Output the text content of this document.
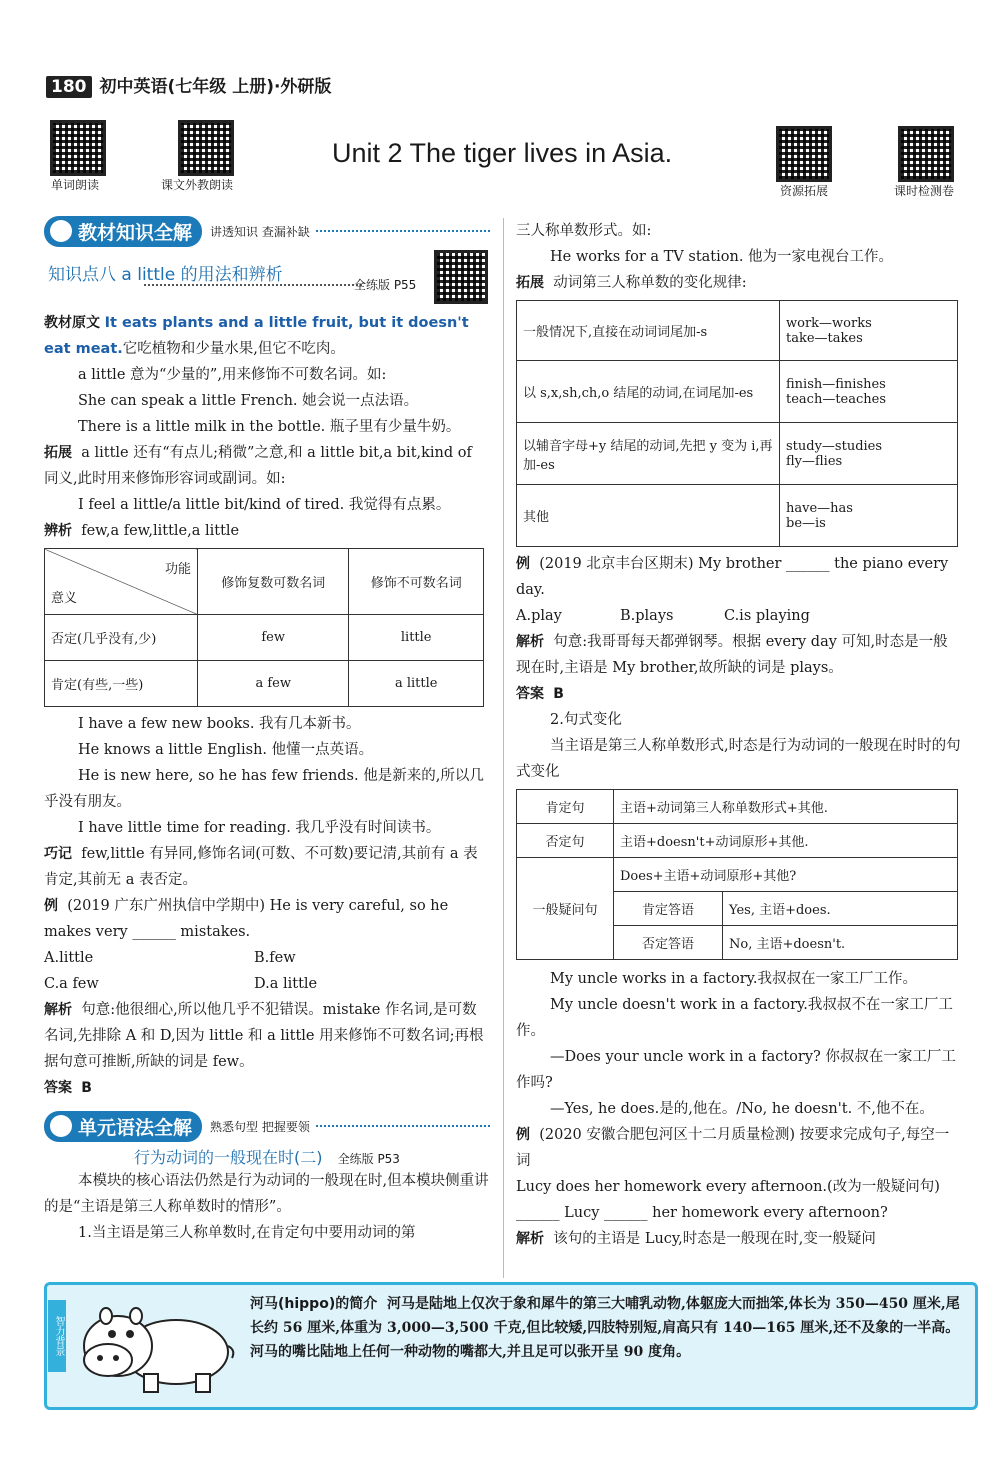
180 初中英语(七年级 上册)·外研版
单词朗读	课文外教朗读	资源拓展	课时检测卷
Unit 2 The tiger lives in Asia.
教材知识全解	讲透知识 查漏补缺
知识点八 a little 的用法和辨析	全练版 P55

教材原文 It eats plants and a little fruit, but it doesn't eat meat.它吃植物和少量水果,但它不吃肉。

a little 意为“少量的”,用来修饰不可数名词。如:

She can speak a little French. 她会说一点法语。

There is a little milk in the bottle. 瓶子里有少量牛奶。

拓展 a little 还有“有点儿;稍微”之意,和 a little bit,a bit,kind of 同义,此时用来修饰形容词或副词。如:

I feel a little/a little bit/kind of tired. 我觉得有点累。

辨析 few,a few,little,a little

功能
意义	修饰复数可数名词	修饰不可数名词
否定(几乎没有,少)	few	little
肯定(有些,一些)	a few	a little

I have a few new books. 我有几本新书。

He knows a little English. 他懂一点英语。

He is new here, so he has few friends. 他是新来的,所以几乎没有朋友。

I have little time for reading. 我几乎没有时间读书。

巧记 few,little 有异同,修饰名词(可数、不可数)要记清,其前有 a 表肯定,其前无 a 表否定。

例 (2019 广东广州执信中学期中) He is very careful, so he makes very ______ mistakes.

A.little	B.few
C.a few	D.a little

解析 句意:他很细心,所以他几乎不犯错误。mistake 作名词,是可数名词,先排除 A 和 D,因为 little 和 a little 用来修饰不可数名词;再根据句意可推断,所缺的词是 few。

答案 B

单元语法全解	熟悉句型 把握要领
行为动词的一般现在时(二) 全练版 P53

本模块的核心语法仍然是行为动词的一般现在时,但本模块侧重讲的是“主语是第三人称单数时的情形”。

1.当主语是第三人称单数时,在肯定句中要用动词的第

三人称单数形式。如:

He works for a TV station. 他为一家电视台工作。

拓展 动词第三人称单数的变化规律:

一般情况下,直接在动词词尾加-s	work—works
take—takes

以 s,x,sh,ch,o 结尾的动词,在词尾加-es	finish—finishes
teach—teaches

以辅音字母+y 结尾的动词,先把 y 变为 i,再加-es	study—studies
fly—flies

其他	have—has
be—is

例 (2019 北京丰台区期末) My brother ______ the piano every day.

A.play	B.plays	C.is playing

解析 句意:我哥哥每天都弹钢琴。根据 every day 可知,时态是一般现在时,主语是 My brother,故所缺的词是 plays。

答案 B

2.句式变化

当主语是第三人称单数形式,时态是行为动词的一般现在时时的句式变化

肯定句	主语+动词第三人称单数形式+其他.	
否定句	主语+doesn't+动词原形+其他.	
一般疑问句	Does+主语+动词原形+其他?	
	肯定答语	Yes, 主语+does.
	否定答语	No, 主语+doesn't.

My uncle works in a factory.我叔叔在一家工厂工作。

My uncle doesn't work in a factory.我叔叔不在一家工厂工作。

—Does your uncle work in a factory? 你叔叔在一家工厂工作吗?

—Yes, he does.是的,他在。/No, he doesn't. 不,他不在。

例 (2020 安徽合肥包河区十二月质量检测) 按要求完成句子,每空一词

Lucy does her homework every afternoon.(改为一般疑问句)

______ Lucy ______ her homework every afternoon?

解析 该句的主语是 Lucy,时态是一般现在时,变一般疑问

智力背景
河马(hippo)的简介 河马是陆地上仅次于象和犀牛的第三大哺乳动物,体躯庞大而拙笨,体长为 350—450 厘米,尾长约 56 厘米,体重为 3,000—3,500 千克,但比较矮,四肢特别短,肩高只有 140—165 厘米,还不及象的一半高。河马的嘴比陆地上任何一种动物的嘴都大,并且足可以张开呈 90 度角。
